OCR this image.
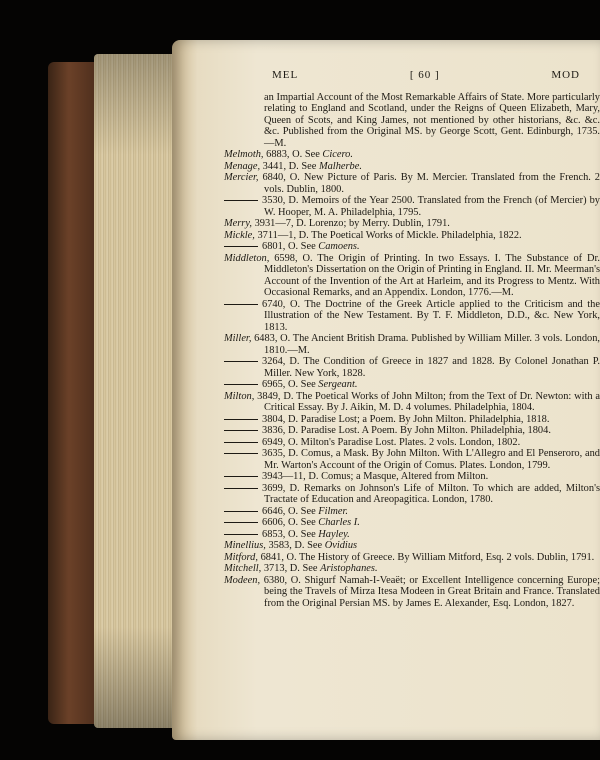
MEL	[ 60 ]	MOD
an Impartial Account of the Most Remarkable Affairs of State. More particularly relating to England and Scotland, under the Reigns of Queen Elizabeth, Mary, Queen of Scots, and King James, not mentioned by other historians, &c. &c. &c. Published from the Original MS. by George Scott, Gent. Edinburgh, 1735.—M.
Melmoth, 6883, O. See Cicero.
Menage, 3441, D. See Malherbe.
Mercier, 6840, O. New Picture of Paris. By M. Mercier. Translated from the French. 2 vols. Dublin, 1800.
3530, D. Memoirs of the Year 2500. Translated from the French (of Mercier) by W. Hooper, M. A. Philadelphia, 1795.
Merry, 3931—7, D. Lorenzo; by Merry. Dublin, 1791.
Mickle, 3711—1, D. The Poetical Works of Mickle. Philadelphia, 1822.
6801, O. See Camoens.
Middleton, 6598, O. The Origin of Printing. In two Essays. I. The Substance of Dr. Middleton's Dissertation on the Origin of Printing in England. II. Mr. Meerman's Account of the Invention of the Art at Harleim, and its Progress to Mentz. With Occasional Remarks, and an Appendix. London, 1776.—M.
6740, O. The Doctrine of the Greek Article applied to the Criticism and the Illustration of the New Testament. By T. F. Middleton, D.D., &c. New York, 1813.
Miller, 6483, O. The Ancient British Drama. Published by William Miller. 3 vols. London, 1810.—M.
3264, D. The Condition of Greece in 1827 and 1828. By Colonel Jonathan P. Miller. New York, 1828.
6965, O. See Sergeant.
Milton, 3849, D. The Poetical Works of John Milton; from the Text of Dr. Newton: with a Critical Essay. By J. Aikin, M. D. 4 volumes. Philadelphia, 1804.
3804, D. Paradise Lost; a Poem. By John Milton. Philadelphia, 1818.
3836, D. Paradise Lost. A Poem. By John Milton. Philadelphia, 1804.
6949, O. Milton's Paradise Lost. Plates. 2 vols. London, 1802.
3635, D. Comus, a Mask. By John Milton. With L'Allegro and El Penseroro, and Mr. Warton's Account of the Origin of Comus. Plates. London, 1799.
3943—11, D. Comus; a Masque, Altered from Milton.
3699, D. Remarks on Johnson's Life of Milton. To which are added, Milton's Tractate of Education and Areopagitica. London, 1780.
6646, O. See Filmer.
6606, O. See Charles I.
6853, O. See Hayley.
Minellius, 3583, D. See Ovidius
Mitford, 6841, O. The History of Greece. By William Mitford, Esq. 2 vols. Dublin, 1791.
Mitchell, 3713, D. See Aristophanes.
Modeen, 6380, O. Shigurf Namah-I-Veaët; or Excellent Intelligence concerning Europe; being the Travels of Mirza Itesa Modeen in Great Britain and France. Translated from the Original Persian MS. by James E. Alexander, Esq. London, 1827.
